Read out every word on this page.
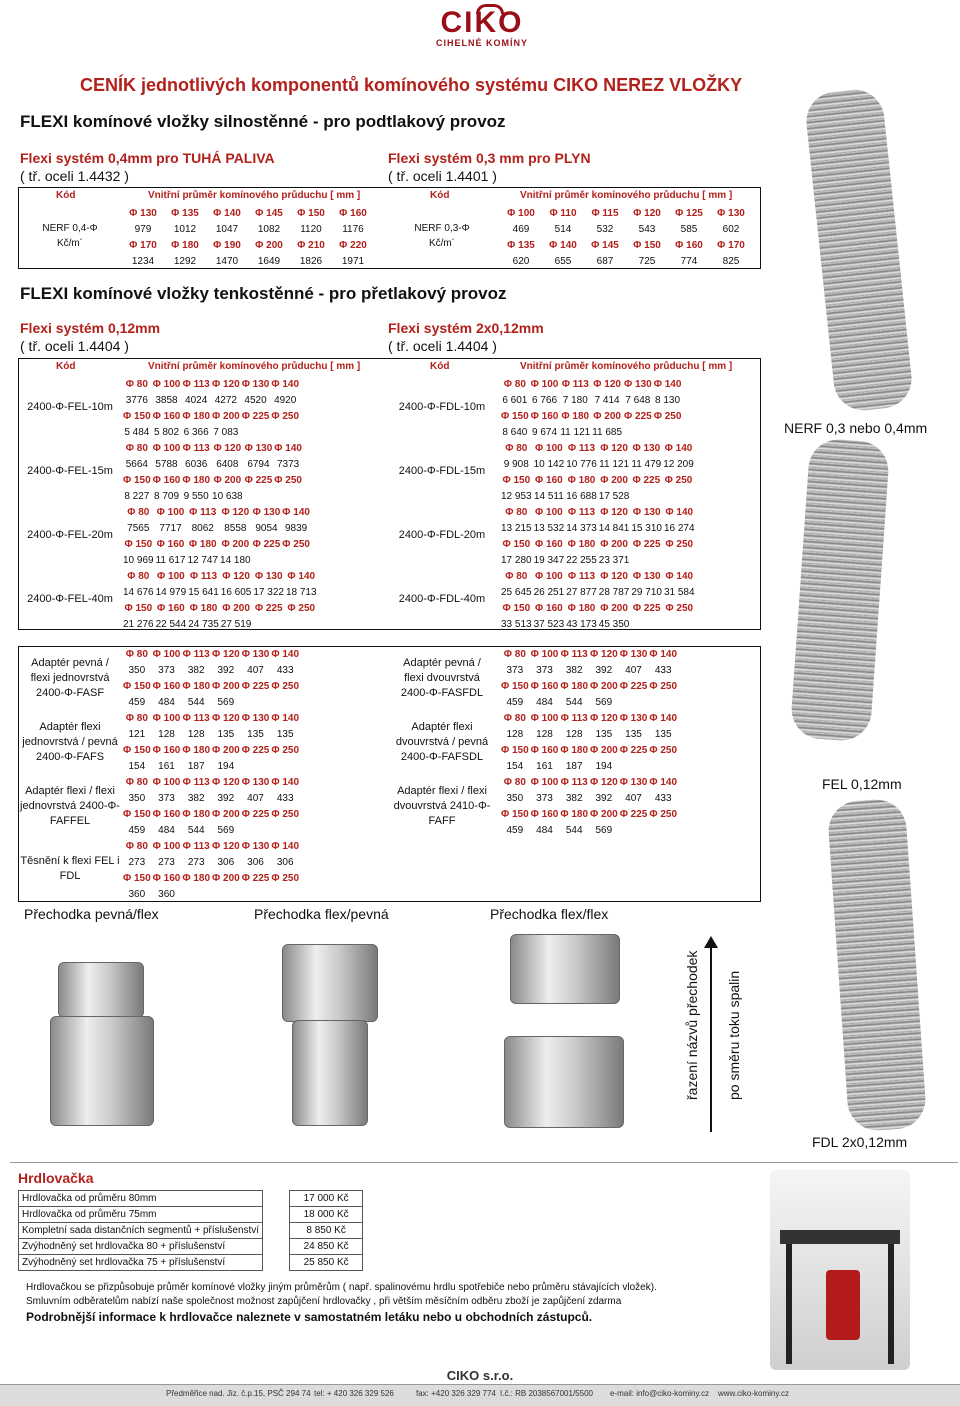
CIKO
CIHELNÉ KOMÍNY
CENÍK jednotlivých komponentů komínového systému CIKO NEREZ VLOŽKY
FLEXI komínové vložky silnostěnné - pro podtlakový provoz
Flexi systém 0,4mm pro TUHÁ PALIVA
( tř. oceli 1.4432 )
Flexi systém 0,3 mm pro PLYN
( tř. oceli 1.4401 )
Kód	Vnitřní průměr komínového průduchu [ mm ]	Kód	Vnitřní průměr komínového průduchu [ mm ]
NERF 0,4-Φ
Kč/m´
NERF 0,3-Φ
Kč/m´
Φ 130	Φ 135	Φ 140	Φ 145	Φ 150	Φ 160
979	1012	1047	1082	1120	1176
Φ 170	Φ 180	Φ 190	Φ 200	Φ 210	Φ 220
1234	1292	1470	1649	1826	1971
Φ 100	Φ 110	Φ 115	Φ 120	Φ 125	Φ 130
469	514	532	543	585	602
Φ 135	Φ 140	Φ 145	Φ 150	Φ 160	Φ 170
620	655	687	725	774	825
FLEXI komínové vložky tenkostěnné - pro přetlakový provoz
Flexi systém 0,12mm
( tř. oceli 1.4404 )
Flexi systém 2x0,12mm
( tř. oceli 1.4404 )
Kód	Vnitřní průměr komínového průduchu [ mm ]	Kód	Vnitřní průměr komínového průduchu [ mm ]
2400-Φ-FEL-10m
Φ 80	Φ 100	Φ 113	Φ 120	Φ 130	Φ 140
3776	3858	4024	4272	4520	4920
Φ 150	Φ 160	Φ 180	Φ 200	Φ 225	Φ 250
5 484	5 802	6 366	7 083		
2400-Φ-FEL-15m
Φ 80	Φ 100	Φ 113	Φ 120	Φ 130	Φ 140
5664	5788	6036	6408	6794	7373
Φ 150	Φ 160	Φ 180	Φ 200	Φ 225	Φ 250
8 227	8 709	9 550	10 638		
2400-Φ-FEL-20m
Φ 80	Φ 100	Φ 113	Φ 120	Φ 130	Φ 140
7565	7717	8062	8558	9054	9839
Φ 150	Φ 160	Φ 180	Φ 200	Φ 225	Φ 250
10 969	11 617	12 747	14 180		
2400-Φ-FEL-40m
Φ 80	Φ 100	Φ 113	Φ 120	Φ 130	Φ 140
14 676	14 979	15 641	16 605	17 322	18 713
Φ 150	Φ 160	Φ 180	Φ 200	Φ 225	Φ 250
21 276	22 544	24 735	27 519		
2400-Φ-FDL-10m
Φ 80	Φ 100	Φ 113	Φ 120	Φ 130	Φ 140
6 601	6 766	7 180	7 414	7 648	8 130
Φ 150	Φ 160	Φ 180	Φ 200	Φ 225	Φ 250
8 640	9 674	11 121	11 685		
2400-Φ-FDL-15m
Φ 80	Φ 100	Φ 113	Φ 120	Φ 130	Φ 140
9 908	10 142	10 776	11 121	11 479	12 209
Φ 150	Φ 160	Φ 180	Φ 200	Φ 225	Φ 250
12 953	14 511	16 688	17 528		
2400-Φ-FDL-20m
Φ 80	Φ 100	Φ 113	Φ 120	Φ 130	Φ 140
13 215	13 532	14 373	14 841	15 310	16 274
Φ 150	Φ 160	Φ 180	Φ 200	Φ 225	Φ 250
17 280	19 347	22 255	23 371		
2400-Φ-FDL-40m
Φ 80	Φ 100	Φ 113	Φ 120	Φ 130	Φ 140
25 645	26 251	27 877	28 787	29 710	31 584
Φ 150	Φ 160	Φ 180	Φ 200	Φ 225	Φ 250
33 513	37 523	43 173	45 350		
Adaptér pevná / flexi jednovrstvá 2400-Φ-FASF
Φ 80	Φ 100	Φ 113	Φ 120	Φ 130	Φ 140
350	373	382	392	407	433
Φ 150	Φ 160	Φ 180	Φ 200	Φ 225	Φ 250
459	484	544	569		
Adaptér flexi jednovrstvá / pevná 2400-Φ-FAFS
Φ 80	Φ 100	Φ 113	Φ 120	Φ 130	Φ 140
121	128	128	135	135	135
Φ 150	Φ 160	Φ 180	Φ 200	Φ 225	Φ 250
154	161	187	194		
Adaptér flexi / flexi jednovrstvá 2400-Φ-FAFFEL
Φ 80	Φ 100	Φ 113	Φ 120	Φ 130	Φ 140
350	373	382	392	407	433
Φ 150	Φ 160	Φ 180	Φ 200	Φ 225	Φ 250
459	484	544	569		
Těsnění k flexi FEL i FDL
Φ 80	Φ 100	Φ 113	Φ 120	Φ 130	Φ 140
273	273	273	306	306	306
Φ 150	Φ 160	Φ 180	Φ 200	Φ 225	Φ 250
360	360				
Adaptér pevná / flexi dvouvrstvá 2400-Φ-FASFDL
Φ 80	Φ 100	Φ 113	Φ 120	Φ 130	Φ 140
373	373	382	392	407	433
Φ 150	Φ 160	Φ 180	Φ 200	Φ 225	Φ 250
459	484	544	569		
Adaptér flexi dvouvrstvá / pevná 2400-Φ-FAFSDL
Φ 80	Φ 100	Φ 113	Φ 120	Φ 130	Φ 140
128	128	128	135	135	135
Φ 150	Φ 160	Φ 180	Φ 200	Φ 225	Φ 250
154	161	187	194		
Adaptér flexi / flexi dvouvrstvá 2410-Φ-FAFF
Φ 80	Φ 100	Φ 113	Φ 120	Φ 130	Φ 140
350	373	382	392	407	433
Φ 150	Φ 160	Φ 180	Φ 200	Φ 225	Φ 250
459	484	544	569		
NERF 0,3 nebo 0,4mm
FEL 0,12mm
FDL 2x0,12mm
Přechodka pevná/flex	Přechodka flex/pevná	Přechodka flex/flex
řazení názvů přechodek po směru toku spalin
Hrdlovačka
Hrdlovačka od průměru 80mm		17 000 Kč
Hrdlovačka od průměru 75mm		18 000 Kč
Kompletní sada distančních segmentů + příslušenství		8 850 Kč
Zvýhodněný set hrdlovačka 80 + příslušenství		24 850 Kč
Zvýhodněný set hrdlovačka 75 + příslušenství		25 850 Kč
Hrdlovačkou se přizpůsobuje průměr komínové vložky jiným průměrům ( např. spalinovému hrdlu spotřebiče nebo průměru stávajících vložek).
Smluvním odběratelům nabízí naše společnost možnost zapůjčení hrdlovačky , při větším měsíčním odběru zboží je zapůjčení zdarma
Podrobnější informace k hrdlovačce naleznete v samostatném letáku nebo u obchodních zástupců.
CIKO s.r.o.
Předměřice nad. Jiz. č.p.15, PSČ 294 74 tel: + 420 326 329 526	fax: +420 326 329 774 I.č.: RB 2038567001/5500 e-mail: info@ciko-kominy.cz www.ciko-kominy.cz
